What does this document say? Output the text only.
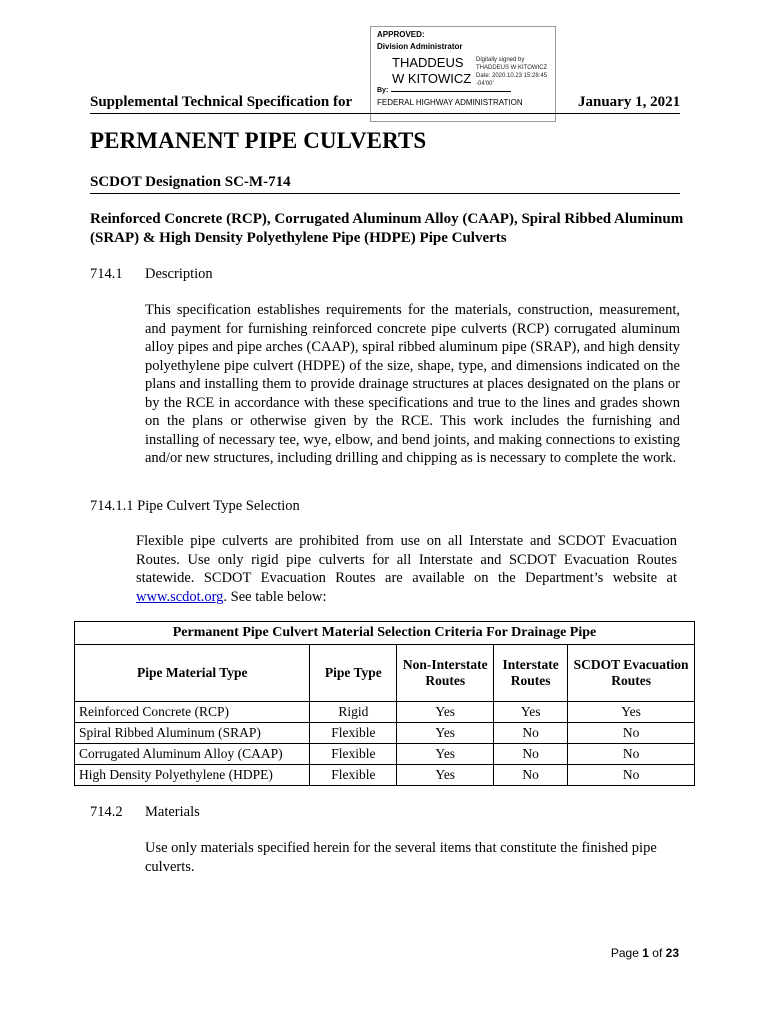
APPROVED:
Division Administrator
THADDEUS
W KITOWICZ
Digitally signed by
THADDEUS W KITOWICZ
Date: 2020.10.23 15:28:45
-04'00'
By:
FEDERAL HIGHWAY ADMINISTRATION
Supplemental Technical Specification for	January 1, 2021
PERMANENT PIPE CULVERTS
SCDOT Designation SC-M-714
Reinforced Concrete (RCP), Corrugated Aluminum Alloy (CAAP), Spiral Ribbed Aluminum (SRAP) & High Density Polyethylene Pipe (HDPE) Pipe Culverts
714.1 Description
This specification establishes requirements for the materials, construction, measurement, and payment for furnishing reinforced concrete pipe culverts (RCP) corrugated aluminum alloy pipes and pipe arches (CAAP), spiral ribbed aluminum pipe (SRAP), and high density polyethylene pipe culvert (HDPE) of the size, shape, type, and dimensions indicated on the plans and installing them to provide drainage structures at places designated on the plans or by the RCE in accordance with these specifications and true to the lines and grades shown on the plans or otherwise given by the RCE. This work includes the furnishing and installing of necessary tee, wye, elbow, and bend joints, and making connections to existing and/or new structures, including drilling and chipping as is necessary to complete the work.
714.1.1 Pipe Culvert Type Selection
Flexible pipe culverts are prohibited from use on all Interstate and SCDOT Evacuation Routes. Use only rigid pipe culverts for all Interstate and SCDOT Evacuation Routes statewide. SCDOT Evacuation Routes are available on the Department’s website at www.scdot.org. See table below:
Permanent Pipe Culvert Material Selection Criteria For Drainage Pipe				
Pipe Material Type	Pipe Type	Non-Interstate Routes	Interstate Routes	SCDOT Evacuation Routes
Reinforced Concrete (RCP)	Rigid	Yes	Yes	Yes
Spiral Ribbed Aluminum (SRAP)	Flexible	Yes	No	No
Corrugated Aluminum Alloy (CAAP)	Flexible	Yes	No	No
High Density Polyethylene (HDPE)	Flexible	Yes	No	No
714.2 Materials
Use only materials specified herein for the several items that constitute the finished pipe culverts.
Page 1 of 23
